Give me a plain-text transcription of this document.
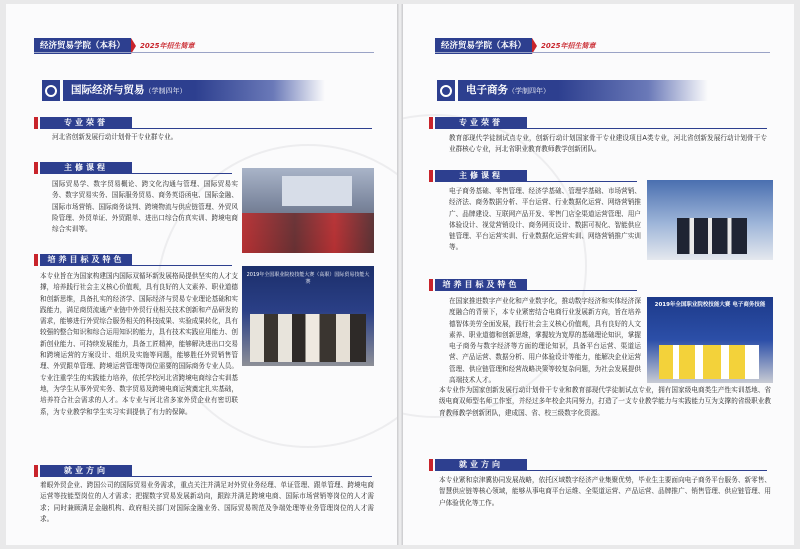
经济贸易学院（本科）	2025年招生简章
国际经济与贸易（学制四年）
专业荣誉
河北省创新发展行动计划骨干专业群专业。
主修课程
国际贸易学、数字贸易概论、跨文化沟通与管理、国际贸易实务、数字贸易实务、国际服务贸易、商务英语函电、国际金融、国际市场营销、国际商务谈判、跨境物流与供应链管理、外贸风险管理、外贸单证、外贸跟单、进出口综合仿真实训、跨境电商综合实训等。
培养目标及特色
本专业旨在为国家构建国内国际双循环新发展格局提供坚实的人才支撑，培养践行社会主义核心价值观，具有良好的人文素养、职业道德和创新思维，具备扎实的经济学、国际经济与贸易专业理论基础和实践能力，满足商贸流通产业链中外贸行业相关技术创新和产品研发的需求，能够进行外贸综合服务相关的科技成果、实验成果转化，具有较强的整合知识和综合运用知识的能力，具有技术实践应用能力、创新创业能力、可持续发展能力，具备工匠精神，能够解决进出口交易和跨境运营的方案设计、组织及实施等问题，能够胜任外贸销售管理、外贸跟单管理、跨境运营管理等岗位需要的国际商务专业人员。专业注重学生的实践能力培养，依托学校河北省跨境电商综合实训基地，为学生从事外贸实务、数字贸易及跨境电商运营奠定扎实基础，培养符合社会需求的人才。本专业与河北省多家外贸企业有密切联系，为专业教学和学生实习实训提供了有力的保障。
2019年全国职业院校技能大赛（高职）国际贸易技能大赛
就业方向
着眼外贸企业、跨国公司的国际贸易业务需求，重点关注并满足对外贸业务经理、单证管理、跟单管理、跨境电商运营等技能型岗位的人才需求；把握数字贸易发展新动向，跟踪并满足跨境电商、国际市场营销等岗位的人才需求；同时兼顾满足金融机构、政府相关部门对国际金融业务、国际贸易规范及争端处理等业务管理岗位的人才需求。
经济贸易学院（本科）	2025年招生简章
电子商务（学制四年）
专业荣誉
教育部现代学徒制试点专业，创新行动计划国家骨干专业建设项目A类专业，河北省创新发展行动计划骨干专业群核心专业，河北省职业教育教师教学创新团队。
主修课程
电子商务基础、零售管理、经济学基础、管理学基础、市场营销、经济法、商务数据分析、平台运营、行业数据化运营、网络营销推广、品牌建设、互联网产品开发、零售门店全渠道运营管理、用户体验设计、视觉营销设计、商务网页设计、数据可视化、智能供应链管理、平台运营实训、行业数据化运营实训、网络营销推广实训等。
培养目标及特色
在国家推进数字产业化和产业数字化，推动数字经济和实体经济深度融合的背景下，本专业紧密结合电商行业发展新方向，旨在培养德智体美劳全面发展，践行社会主义核心价值观，具有良好的人文素养、职业道德和创新思维，掌握较为宽厚的基础理论知识，掌握电子商务与数字经济等方面的理论知识，具备平台运营、渠道运营、产品运营、数据分析、用户体验设计等能力，能解决企业运营管理、供应链管理和经营战略决策等较复杂问题，为社会发展提供高端技术人才。
2019年全国职业院校技能大赛 电子商务技能
本专业作为国家创新发展行动计划骨干专业和教育部现代学徒制试点专业，拥有国家级电商类生产性实训基地、省级电商双师型名师工作室，并经过多年校企共同努力，打造了一支专业教学能力与实践能力互为支撑的省级职业教育教师教学创新团队，建成国、省、校三级数字化资源。
就业方向
本专业紧和京津冀协同发展战略，依托区域数字经济产业集聚优势，毕业生主要面向电子商务平台服务、新零售、智慧供应链等核心领域，能够从事电商平台运维、全渠道运营、产品运营、品牌推广、销售管理、供应链管理、用户体验优化等工作。
